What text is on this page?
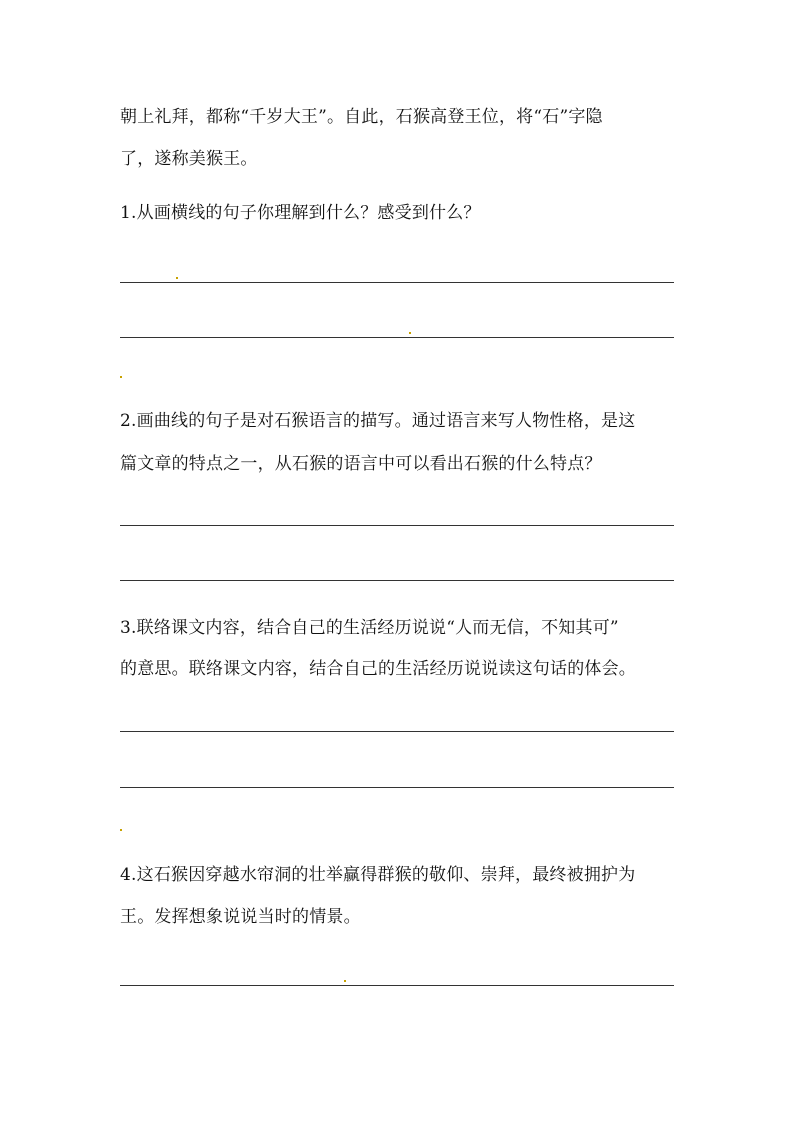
朝上礼拜，都称“千岁大王”。自此，石猴高登王位，将“石”字隐
了，遂称美猴王。
1.从画横线的句子你理解到什么？感受到什么？
2.画曲线的句子是对石猴语言的描写。通过语言来写人物性格，是这
篇文章的特点之一，从石猴的语言中可以看出石猴的什么特点？
3.联络课文内容，结合自己的生活经历说说“人而无信，不知其可”
的意思。联络课文内容，结合自己的生活经历说说读这句话的体会。
4.这石猴因穿越水帘洞的壮举赢得群猴的敬仰、崇拜，最终被拥护为
王。发挥想象说说当时的情景。
